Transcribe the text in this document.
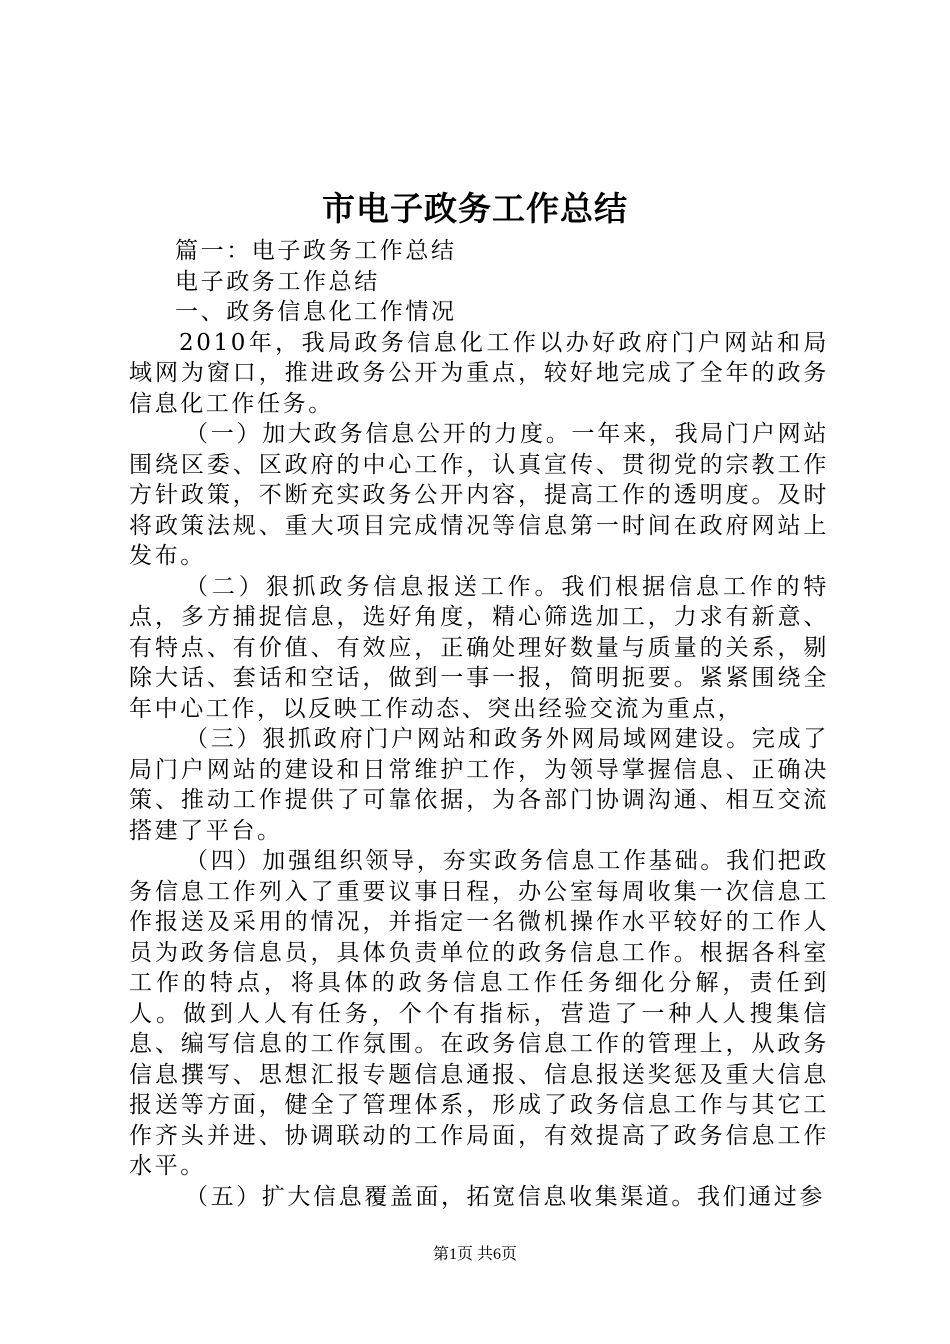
市电子政务工作总结

篇一：电子政务工作总结

电子政务工作总结

一、政务信息化工作情况

2010年，我局政务信息化工作以办好政府门户网站和局域网为窗口，推进政务公开为重点，较好地完成了全年的政务信息化工作任务。

（一）加大政务信息公开的力度。一年来，我局门户网站围绕区委、区政府的中心工作，认真宣传、贯彻党的宗教工作方针政策，不断充实政务公开内容，提高工作的透明度。及时将政策法规、重大项目完成情况等信息第一时间在政府网站上发布。

（二）狠抓政务信息报送工作。我们根据信息工作的特点，多方捕捉信息，选好角度，精心筛选加工，力求有新意、有特点、有价值、有效应，正确处理好数量与质量的关系，剔除大话、套话和空话，做到一事一报，简明扼要。紧紧围绕全年中心工作，以反映工作动态、突出经验交流为重点，

（三）狠抓政府门户网站和政务外网局域网建设。完成了局门户网站的建设和日常维护工作，为领导掌握信息、正确决策、推动工作提供了可靠依据，为各部门协调沟通、相互交流搭建了平台。

（四）加强组织领导，夯实政务信息工作基础。我们把政务信息工作列入了重要议事日程，办公室每周收集一次信息工作报送及采用的情况，并指定一名微机操作水平较好的工作人员为政务信息员，具体负责单位的政务信息工作。根据各科室工作的特点，将具体的政务信息工作任务细化分解，责任到人。做到人人有任务，个个有指标，营造了一种人人搜集信息、编写信息的工作氛围。在政务信息工作的管理上，从政务信息撰写、思想汇报专题信息通报、信息报送奖惩及重大信息报送等方面，健全了管理体系，形成了政务信息工作与其它工作齐头并进、协调联动的工作局面，有效提高了政务信息工作水平。

（五）扩大信息覆盖面，拓宽信息收集渠道。我们通过参

第1页 共6页
